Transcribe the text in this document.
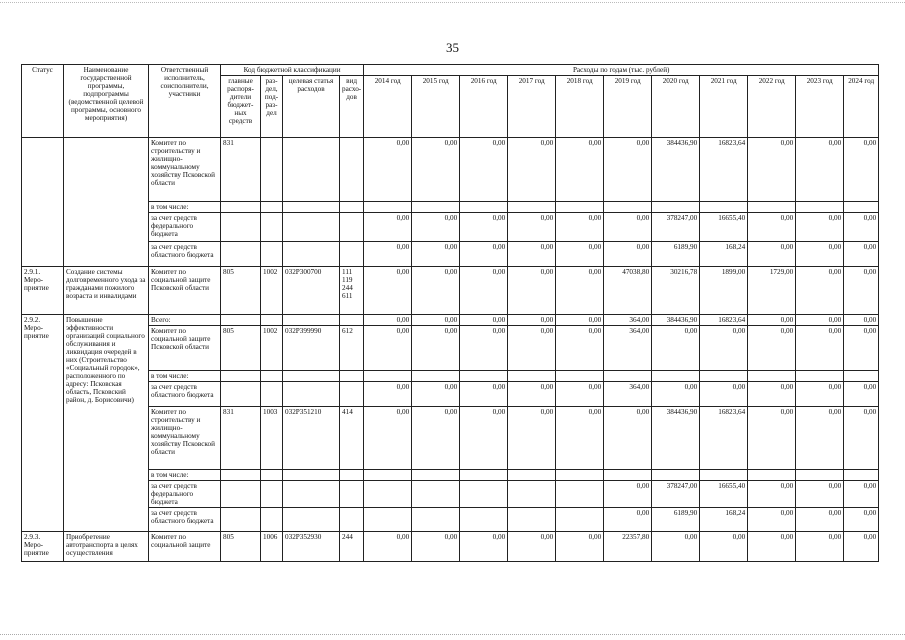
35
Статус	Наименование государственной программы, подпрограммы (ведомственной целевой программы, основного мероприятия)	Ответственный исполнитель, соисполнители, участники	Код бюджетной классификации				Расходы по годам (тыс. рублей)										
			главные распоря-дители бюджет-ных средств	раз-дел, под-раз-дел	целевая статья расходов	вид расхо-дов	2014 год	2015 год	2016 год	2017 год	2018 год	2019 год	2020 год	2021 год	2022 год	2023 год	2024 год
		Комитет по строительству и жилищно-коммунальному хозяйству Псковской области	831				0,00	0,00	0,00	0,00	0,00	0,00	384436,90	16823,64	0,00	0,00	0,00
		в том числе:															
		за счет средств федерального бюджета					0,00	0,00	0,00	0,00	0,00	0,00	378247,00	16655,40	0,00	0,00	0,00
		за счет средств областного бюджета					0,00	0,00	0,00	0,00	0,00	0,00	6189,90	168,24	0,00	0,00	0,00
2.9.1. Меро-приятие	Создание системы долговременного ухода за гражданами пожилого возраста и инвалидами	Комитет по социальной защите Псковской области	805	1002	032P300700	111 119 244 611	0,00	0,00	0,00	0,00	0,00	47038,80	30216,78	1899,00	1729,00	0,00	0,00
2.9.2. Меро-приятие	Повышение эффективности организаций социального обслуживания и ликвидация очередей в них (Строительство «Социальный городок», расположенного по адресу: Псковская область, Псковский район, д. Борисовичи)	Всего:					0,00	0,00	0,00	0,00	0,00	364,00	384436,90	16823,64	0,00	0,00	0,00
		Комитет по социальной защите Псковской области	805	1002	032P399990	612	0,00	0,00	0,00	0,00	0,00	364,00	0,00	0,00	0,00	0,00	0,00
		в том числе:															
		за счет средств областного бюджета					0,00	0,00	0,00	0,00	0,00	364,00	0,00	0,00	0,00	0,00	0,00
		Комитет по строительству и жилищно-коммунальному хозяйству Псковской области	831	1003	032P351210	414	0,00	0,00	0,00	0,00	0,00	0,00	384436,90	16823,64	0,00	0,00	0,00
		в том числе:															
		за счет средств федерального бюджета										0,00	378247,00	16655,40	0,00	0,00	0,00
		за счет средств областного бюджета										0,00	6189,90	168,24	0,00	0,00	0,00
2.9.3. Меро-приятие	Приобретение автотранспорта в целях осуществления	Комитет по социальной защите	805	1006	032P352930	244	0,00	0,00	0,00	0,00	0,00	22357,80	0,00	0,00	0,00	0,00	0,00
